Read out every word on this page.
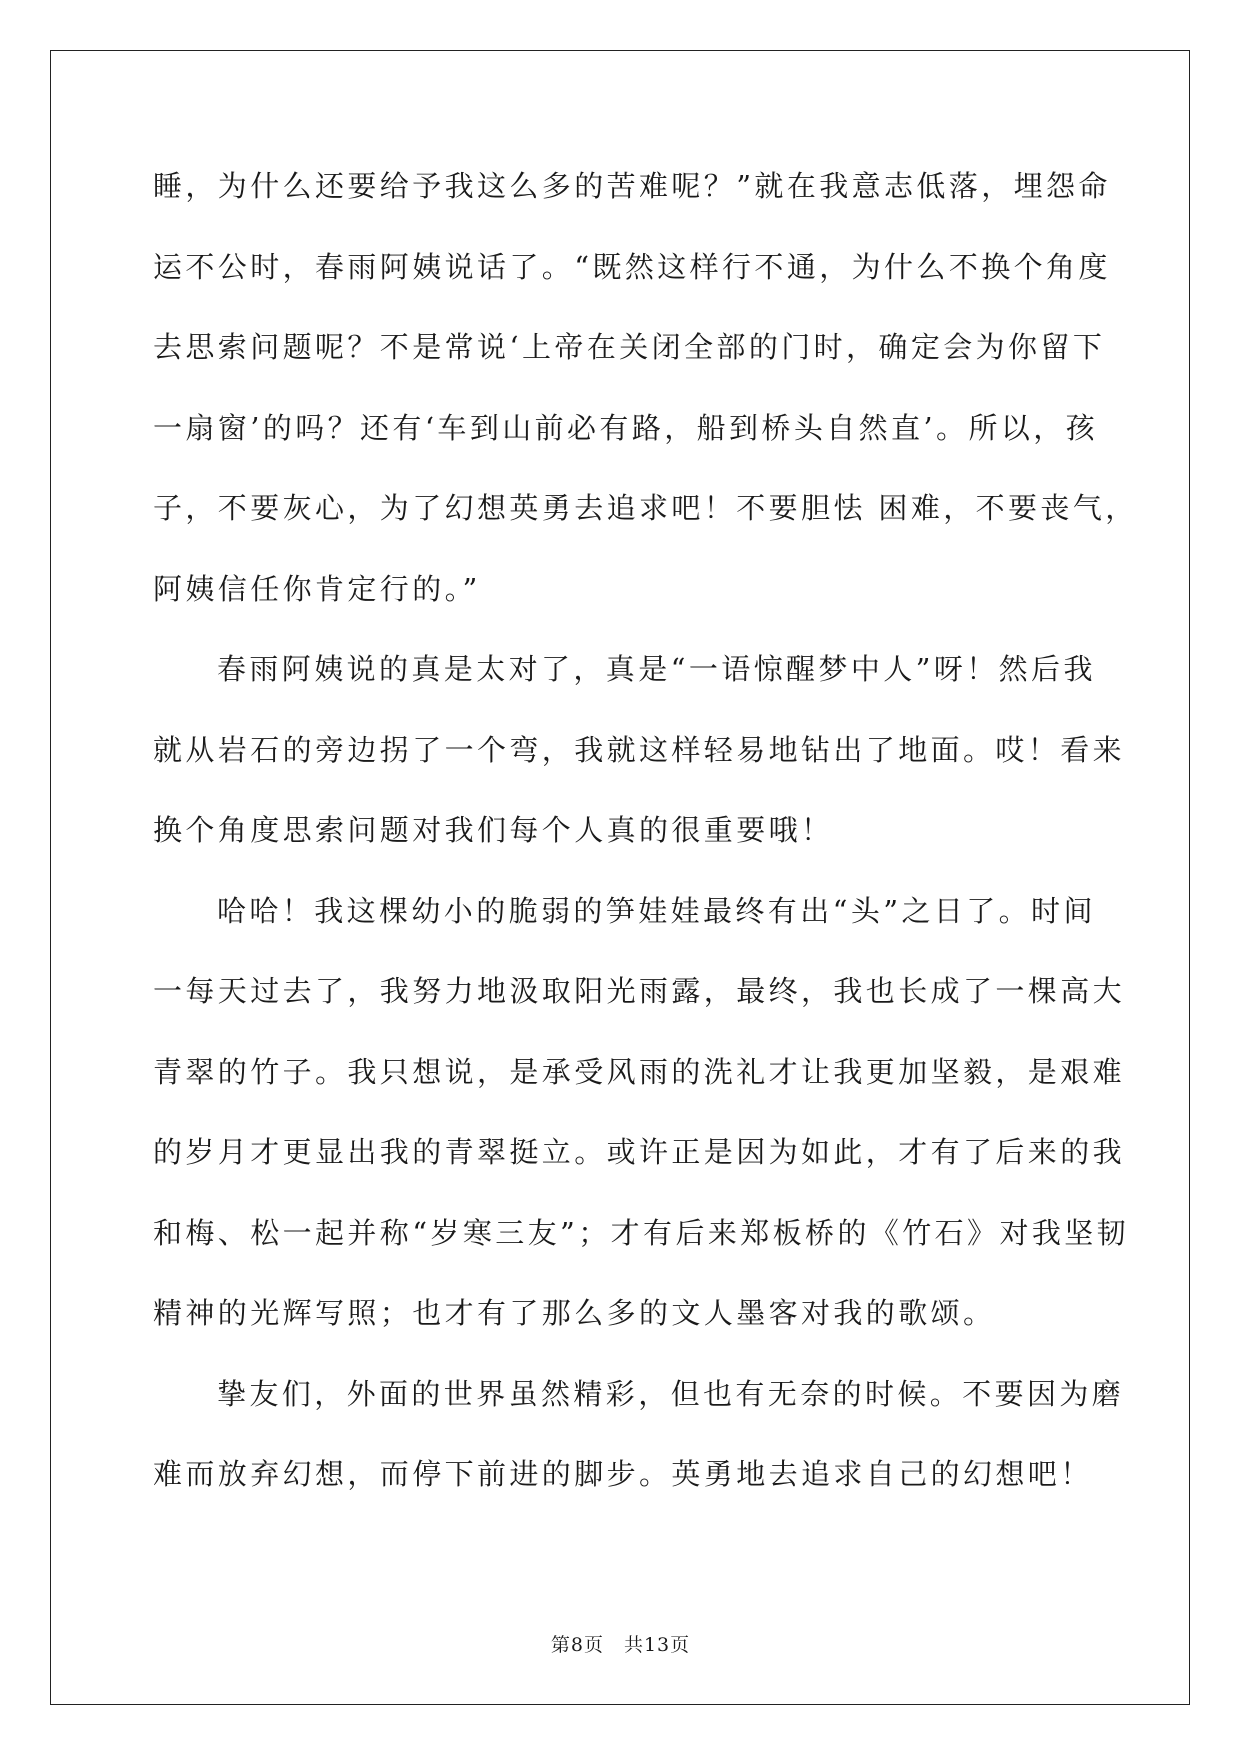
睡，为什么还要给予我这么多的苦难呢？”就在我意志低落，埋怨命
运不公时，春雨阿姨说话了。“既然这样行不通，为什么不换个角度
去思索问题呢？不是常说‘上帝在关闭全部的门时，确定会为你留下
一扇窗’的吗？还有‘车到山前必有路，船到桥头自然直’。所以，孩
子，不要灰心，为了幻想英勇去追求吧！不要胆怯 困难，不要丧气，
阿姨信任你肯定行的。”
春雨阿姨说的真是太对了，真是“一语惊醒梦中人”呀！然后我
就从岩石的旁边拐了一个弯，我就这样轻易地钻出了地面。哎！看来
换个角度思索问题对我们每个人真的很重要哦！
哈哈！我这棵幼小的脆弱的笋娃娃最终有出“头”之日了。时间
一每天过去了，我努力地汲取阳光雨露，最终，我也长成了一棵高大
青翠的竹子。我只想说，是承受风雨的洗礼才让我更加坚毅，是艰难
的岁月才更显出我的青翠挺立。或许正是因为如此，才有了后来的我
和梅、松一起并称“岁寒三友”；才有后来郑板桥的《竹石》对我坚韧
精神的光辉写照；也才有了那么多的文人墨客对我的歌颂。
挚友们，外面的世界虽然精彩，但也有无奈的时候。不要因为磨
难而放弃幻想，而停下前进的脚步。英勇地去追求自己的幻想吧！
第8页 共13页
